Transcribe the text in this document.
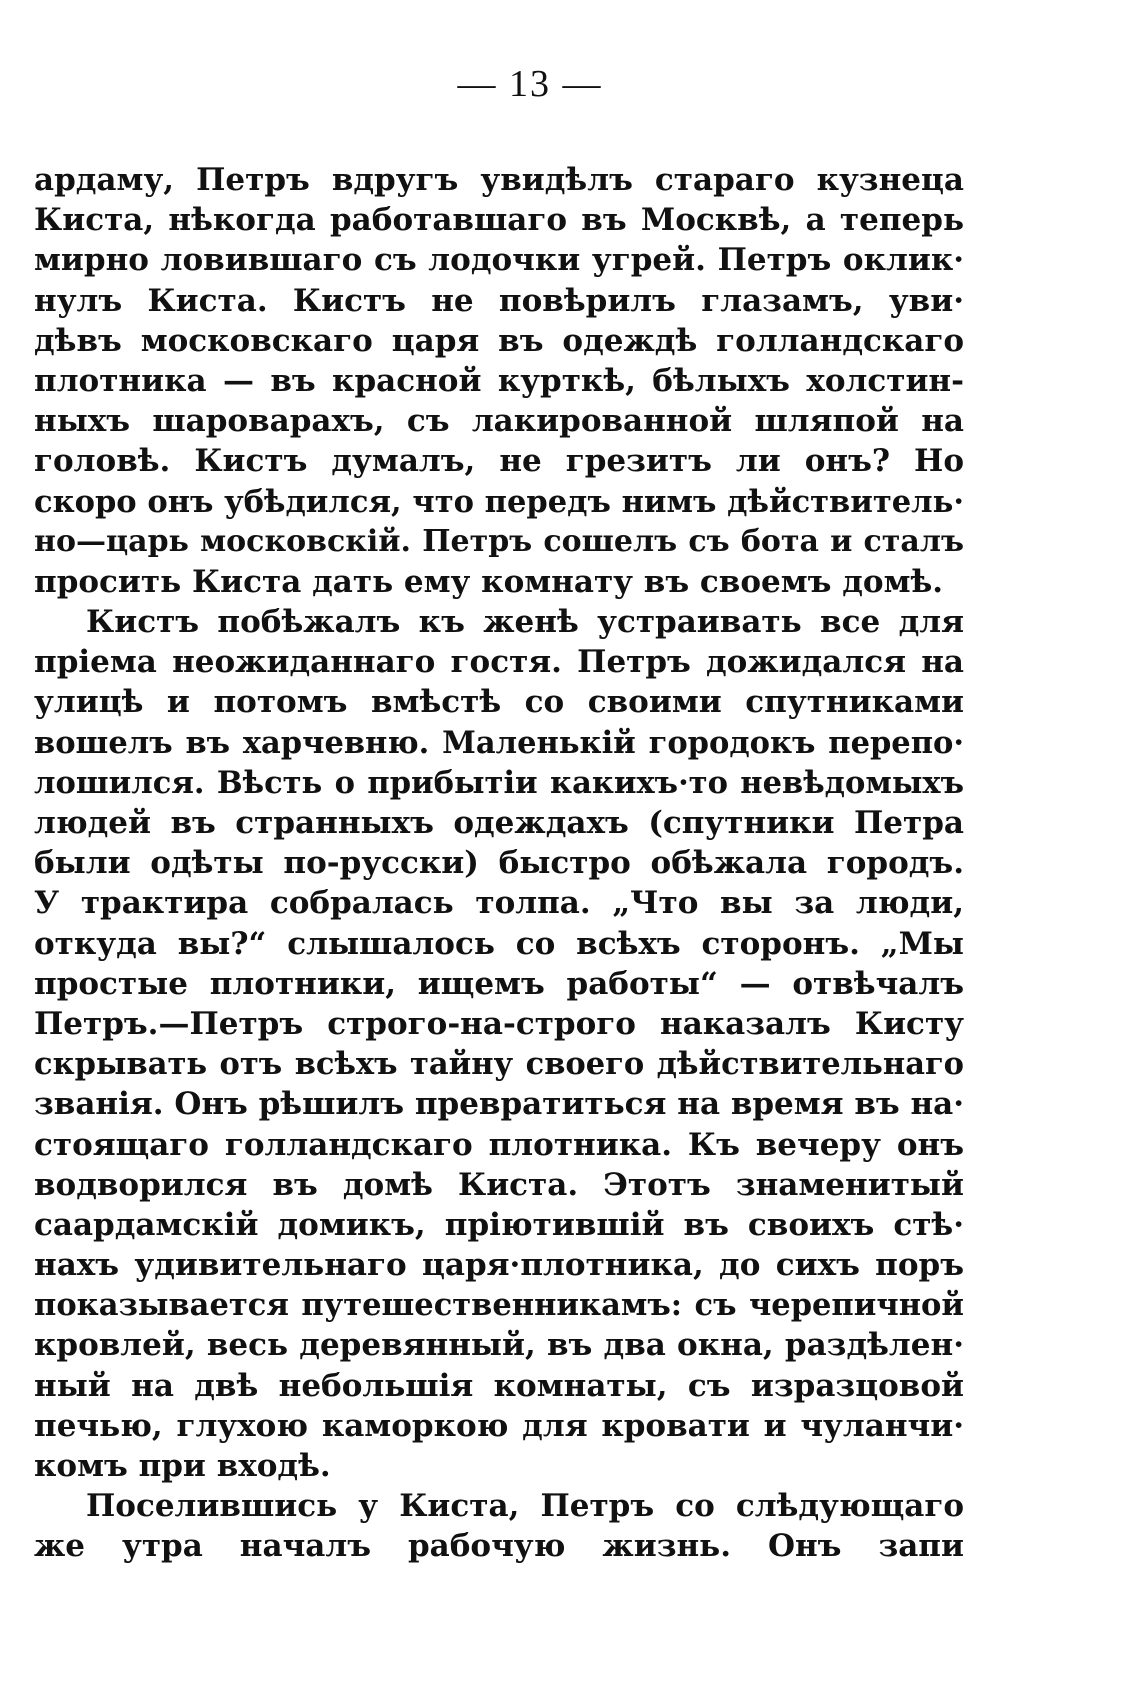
— 13 —
ардаму, Петръ вдругъ увидѣлъ стараго кузнеца
Киста, нѣкогда работавшаго въ Москвѣ, а теперь
мирно ловившаго съ лодочки угрей. Петръ оклик·
нулъ Киста. Кистъ не повѣрилъ глазамъ, уви·
дѣвъ московскаго царя въ одеждѣ голландскаго
плотника — въ красной курткѣ, бѣлыхъ холстин-
ныхъ шароварахъ, съ лакированной шляпой на
головѣ. Кистъ думалъ, не грезитъ ли онъ? Но
скоро онъ убѣдился, что передъ нимъ дѣйствитель·
но—царь московскій. Петръ сошелъ съ бота и сталъ
просить Киста дать ему комнату въ своемъ домѣ.
Кистъ побѣжалъ къ женѣ устраивать все для
пріема неожиданнаго гостя. Петръ дожидался на
улицѣ и потомъ вмѣстѣ со своими спутниками
вошелъ въ харчевню. Маленькій городокъ перепо·
лошился. Вѣсть о прибытіи какихъ·то невѣдомыхъ
людей въ странныхъ одеждахъ (спутники Петра
были одѣты по-русски) быстро обѣжала городъ.
У трактира собралась толпа. „Что вы за люди,
откуда вы?“ слышалось со всѣхъ сторонъ. „Мы
простые плотники, ищемъ работы“ — отвѣчалъ
Петръ.—Петръ строго-на-строго наказалъ Кисту
скрывать отъ всѣхъ тайну своего дѣйствительнаго
званія. Онъ рѣшилъ превратиться на время въ на·
стоящаго голландскаго плотника. Къ вечеру онъ
водворился въ домѣ Киста. Этотъ знаменитый
саардамскій домикъ, пріютившій въ своихъ стѣ·
нахъ удивительнаго царя·плотника, до сихъ поръ
показывается путешественникамъ: съ черепичной
кровлей, весь деревянный, въ два окна, раздѣлен·
ный на двѣ небольшія комнаты, съ изразцовой
печью, глухою каморкою для кровати и чуланчи·
комъ при входѣ.
Поселившись у Киста, Петръ со слѣдующаго
же утра началъ рабочую жизнь. Онъ запи
